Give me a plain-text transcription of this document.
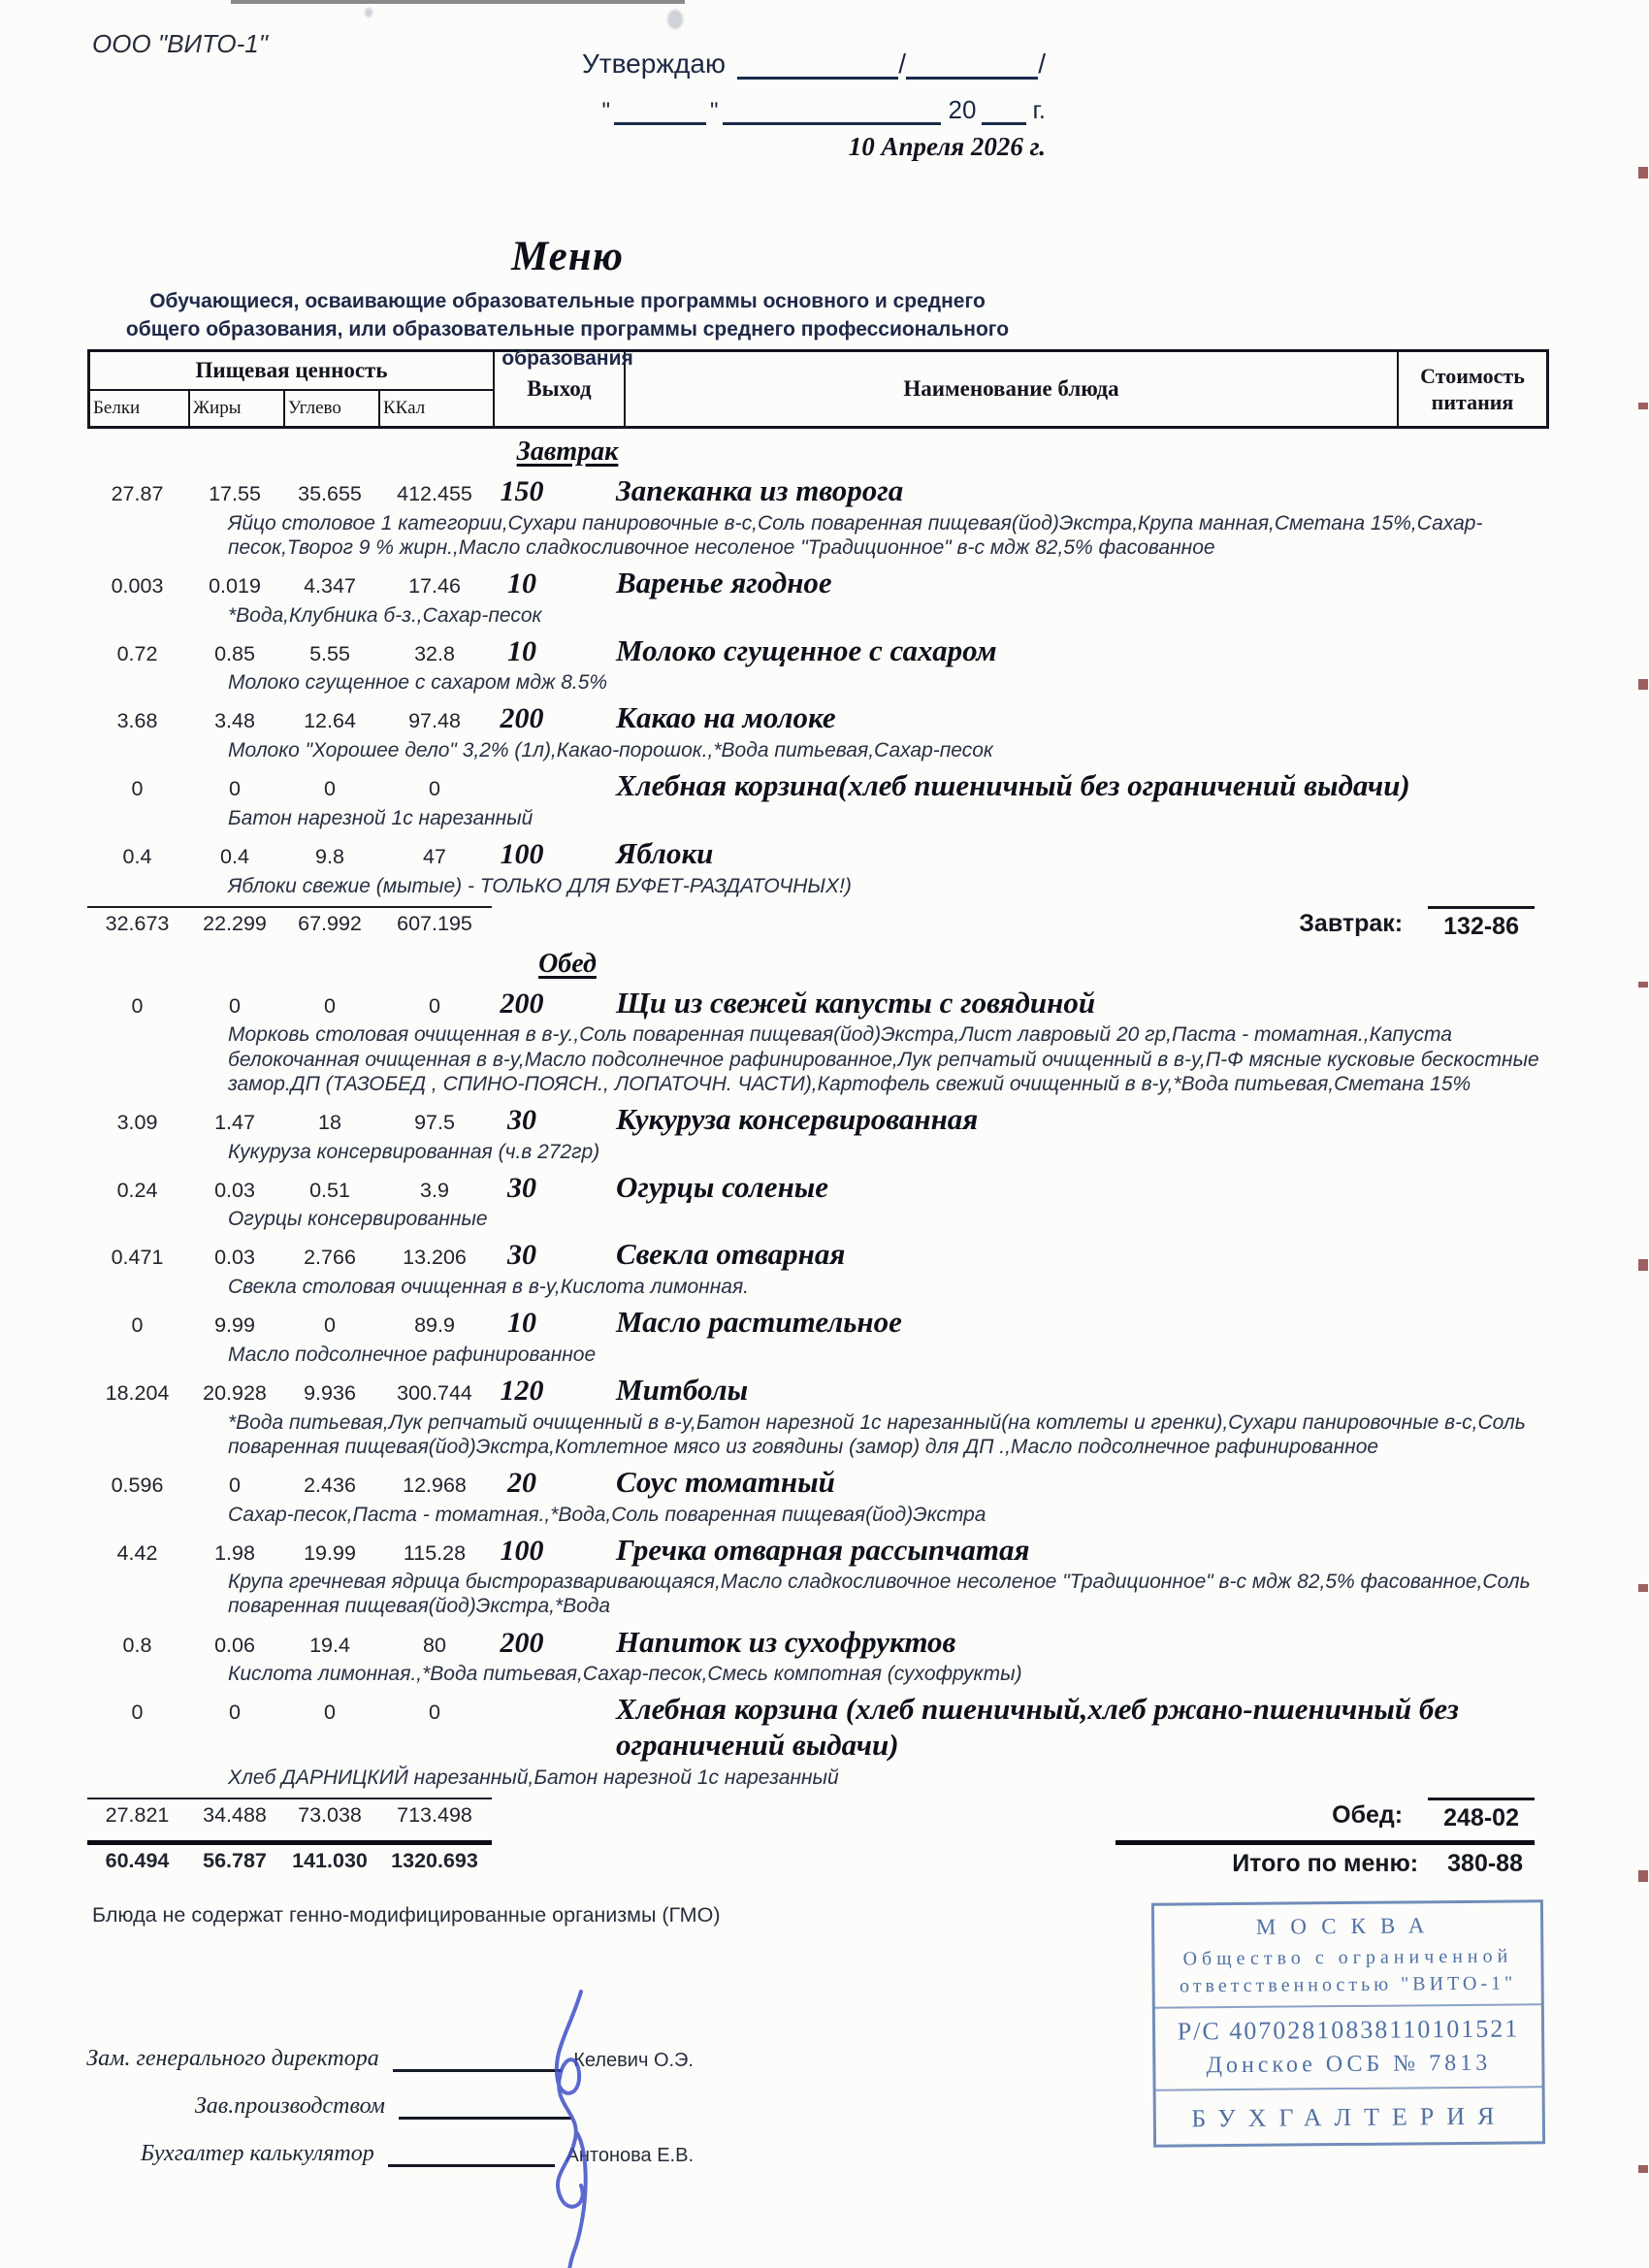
ООО "ВИТО-1"
Утверждаю	/	/
"	"	20 г.
10 Апреля 2026 г.
Меню
Обучающиеся, осваивающие образовательные программы основного и среднего общего образования, или образовательные программы среднего профессионального образования
Пищевая ценность
Белки	Жиры	Углево	ККал
Выход	Наименование блюда
Стоимость питания
Завтрак
27.87	17.55	35.655	412.455 150	Запеканка из творога
Яйцо столовое 1 категории,Сухари панировочные в-с,Соль поваренная пищевая(йод)Экстра,Крупа манная,Сметана 15%,Сахар-песок,Творог 9 % жирн.,Масло сладкосливочное несоленое "Традиционное" в-с мдж 82,5% фасованное
0.003	0.019	4.347	17.46	10	Варенье ягодное
*Вода,Клубника б-з.,Сахар-песок
0.72	0.85	5.55	32.8	10	Молоко сгущенное с сахаром
Молоко сгущенное с сахаром мдж 8.5%
3.68	3.48	12.64	97.48	200	Какао на молоке
Молоко "Хорошее дело" 3,2% (1л),Какао-порошок.,*Вода питьевая,Сахар-песок
0	0	0	0	Хлебная корзина(хлеб пшеничный без ограничений выдачи)
Батон нарезной 1с нарезанный
0.4	0.4	9.8	47	100	Яблоки
Яблоки свежие (мытые) - ТОЛЬКО ДЛЯ БУФЕТ-РАЗДАТОЧНЫХ!)
32.673	22.299	67.992	607.195	Завтрак:	132-86
Обед
0	0	0	0	200	Щи из свежей капусты с говядиной
Морковь столовая очищенная в в-у.,Соль поваренная пищевая(йод)Экстра,Лист лавровый 20 гр,Паста - томатная.,Капуста белокочанная очищенная в в-у,Масло подсолнечное рафинированное,Лук репчатый очищенный в в-у,П-Ф мясные кусковые бескостные замор.ДП (ТАЗОБЕД , СПИНО-ПОЯСН., ЛОПАТОЧН. ЧАСТИ),Картофель свежий очищенный в в-у,*Вода питьевая,Сметана 15%
3.09	1.47	18	97.5	30	Кукуруза консервированная
Кукуруза консервированная (ч.в 272гр)
0.24	0.03	0.51	3.9	30	Огурцы соленые
Огурцы консервированные
0.471	0.03	2.766	13.206	30	Свекла отварная
Свекла столовая очищенная в в-у,Кислота лимонная.
0	9.99	0	89.9	10	Масло растительное
Масло подсолнечное рафинированное
18.204	20.928	9.936	300.744 120	Митболы
*Вода питьевая,Лук репчатый очищенный в в-у,Батон нарезной 1с нарезанный(на котлеты и гренки),Сухари панировочные в-с,Соль поваренная пищевая(йод)Экстра,Котлетное мясо из говядины (замор) для ДП .,Масло подсолнечное рафинированное
0.596	0	2.436	12.968	20	Соус томатный
Сахар-песок,Паста - томатная.,*Вода,Соль поваренная пищевая(йод)Экстра
4.42	1.98	19.99	115.28	100	Гречка отварная рассыпчатая
Крупа гречневая ядрица быстроразваривающаяся,Масло сладкосливочное несоленое "Традиционное" в-с мдж 82,5% фасованное,Соль поваренная пищевая(йод)Экстра,*Вода
0.8	0.06	19.4	80	200	Напиток из сухофруктов
Кислота лимонная.,*Вода питьевая,Сахар-песок,Смесь компотная (сухофрукты)
0	0	0	0	Хлебная корзина (хлеб пшеничный,хлеб ржано-пшеничный без ограничений выдачи)
Хлеб ДАРНИЦКИЙ нарезанный,Батон нарезной 1с нарезанный
27.821	34.488	73.038	713.498	Обед:	248-02
60.494	56.787	141.030	1320.693	Итого по меню: 380-88
Блюда не содержат генно-модифицированные организмы (ГМО)	МОСКВА
Общество с ограниченной
ответственностью "ВИТО-1"
Р/С 40702810838110101521
Донское ОСБ № 7813
БУХГАЛТЕРИЯ
Зам. генерального директора	Келевич О.Э.
Зав.производством
Бухгалтер калькулятор	Антонова Е.В.
